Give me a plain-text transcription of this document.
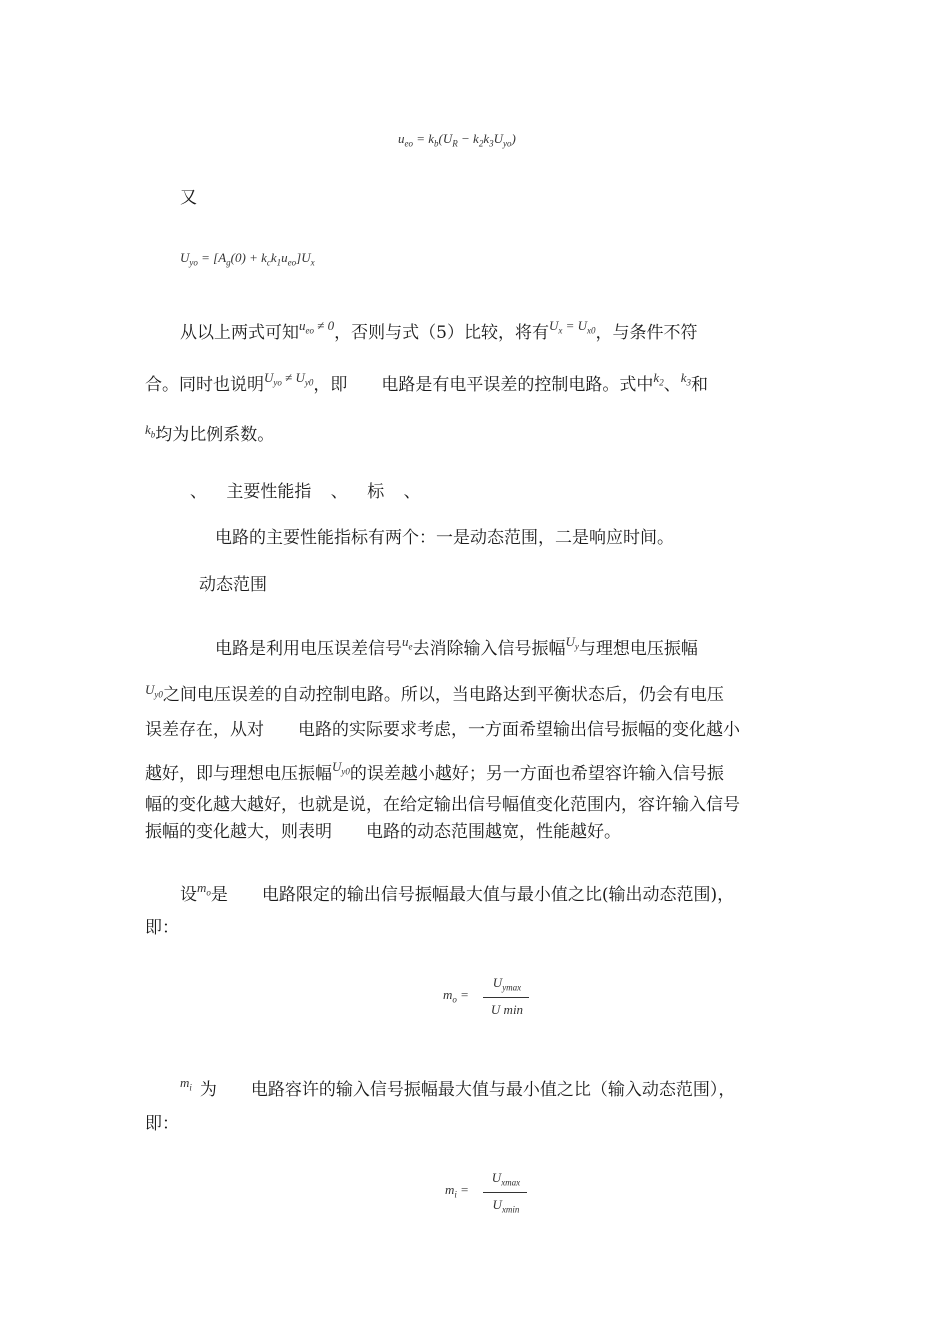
$u_{eo} = k_b(U_R - k_2k_3U_{yo})$
又
$U_{yo} = [A_g(0) + k_ck_1u_{eo}]U_x$
从以上两式可知$^{u_{eo} \ne 0}$，否则与式（5）比较，将有$^{U_x = U_{x0}}$，与条件不符
合。同时也说明$^{U_{yo} \ne U_{y0}}$，即 电路是有电平误差的控制电路。式中$^{k_2}$、$^{k_3}$和
$^{k_b}$均为比例系数。
、 主要性能指 、 标 、
电路的主要性能指标有两个：一是动态范围，二是响应时间。
动态范围
电路是利用电压误差信号$^{u_e}$去消除输入信号振幅$^{U_y}$与理想电压振幅
$^{U_{y0}}$之间电压误差的自动控制电路。所以，当电路达到平衡状态后，仍会有电压
误差存在，从对 电路的实际要求考虑，一方面希望输出信号振幅的变化越小
越好，即与理想电压振幅$^{U_{y0}}$的误差越小越好；另一方面也希望容许输入信号振
幅的变化越大越好，也就是说，在给定输出信号幅值变化范围内，容许输入信号
振幅的变化越大，则表明 电路的动态范围越宽，性能越好。
设$^{m_o}$是 电路限定的输出信号振幅最大值与最小值之比(输出动态范围)，
即：
$m_o$ =
$U_{ymax}$
U min
$^{m_i}$ 为 电路容许的输入信号振幅最大值与最小值之比（输入动态范围），
即：
$m_i$ =
$U_{xmax}$
$U_{xmin}$
